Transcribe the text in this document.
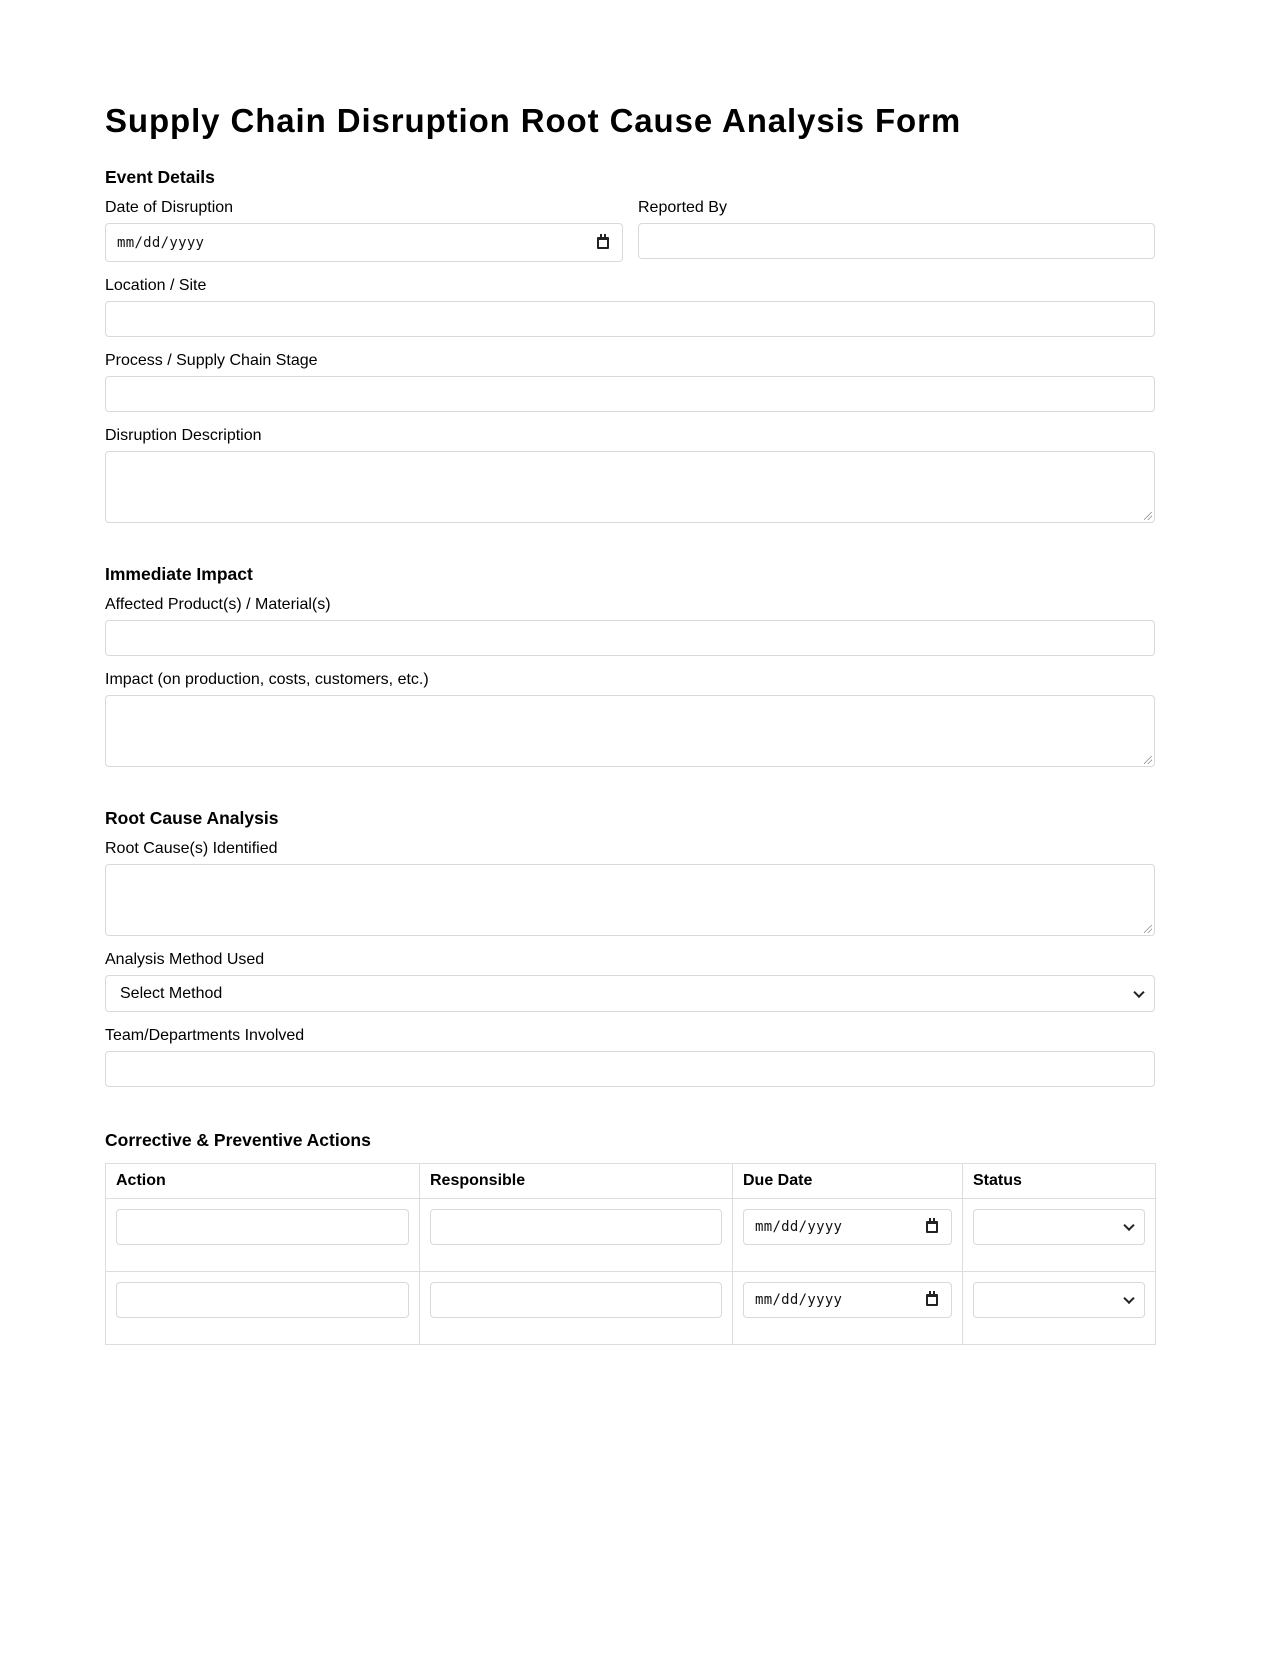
Supply Chain Disruption Root Cause Analysis Form
Event Details
Date of Disruption
mm/dd/yyyy
Reported By
Location / Site
Process / Supply Chain Stage
Disruption Description
Immediate Impact
Affected Product(s) / Material(s)
Impact (on production, costs, customers, etc.)
Root Cause Analysis
Root Cause(s) Identified
Analysis Method Used
Select Method
Team/Departments Involved
Corrective & Preventive Actions
Action	Responsible	Due Date	Status

		mm/dd/yyyy	

		mm/dd/yyyy	
